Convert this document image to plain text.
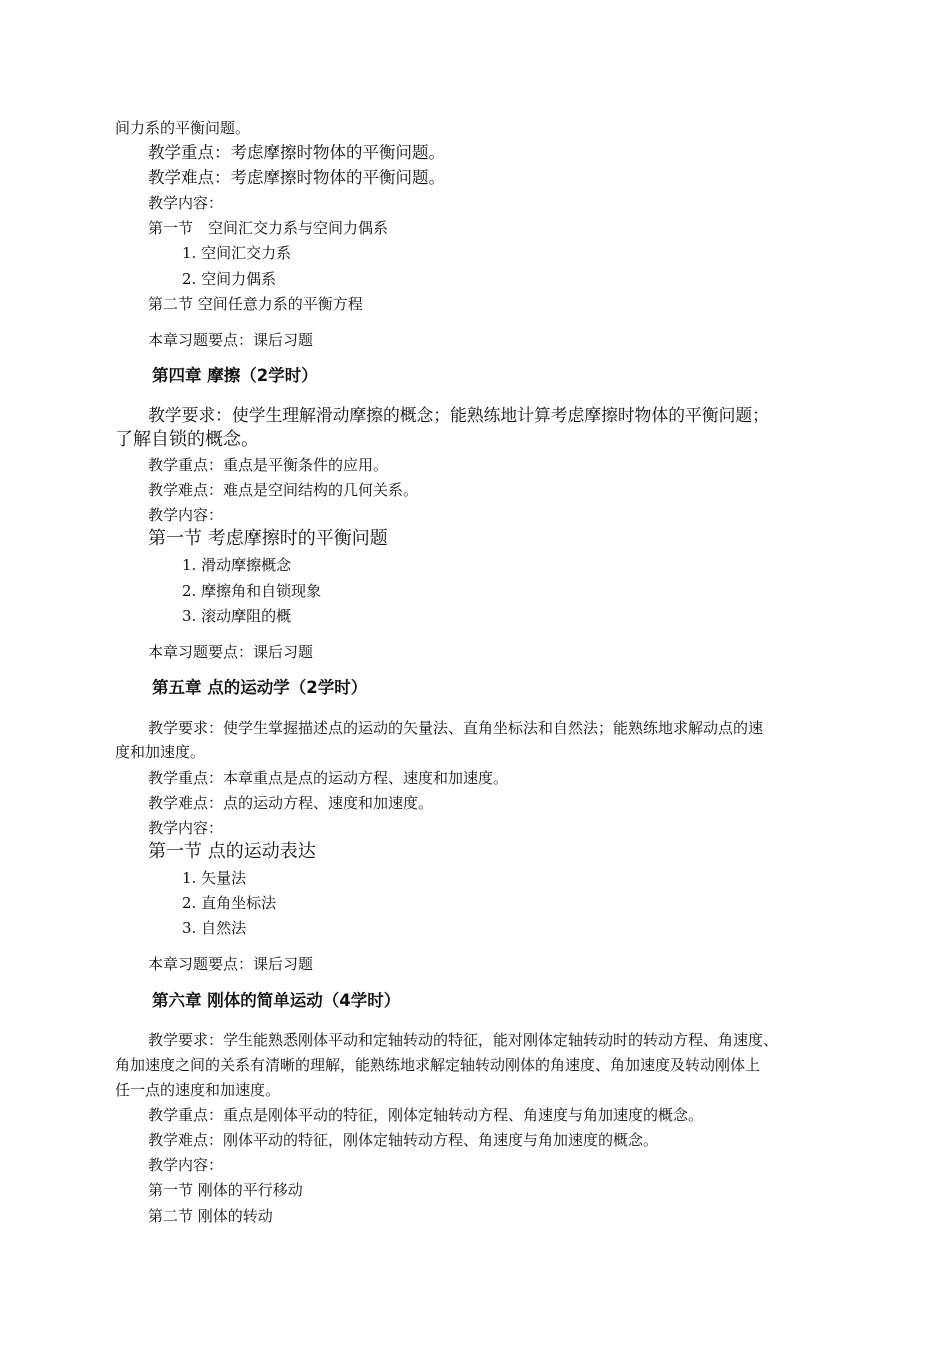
间力系的平衡问题。
教学重点：考虑摩擦时物体的平衡问题。
教学难点：考虑摩擦时物体的平衡问题。
教学内容：
第一节　空间汇交力系与空间力偶系
1. 空间汇交力系
2. 空间力偶系
第二节 空间任意力系的平衡方程
本章习题要点：课后习题
第四章 摩擦（2学时）
教学要求：使学生理解滑动摩擦的概念；能熟练地计算考虑摩擦时物体的平衡问题；
了解自锁的概念。
教学重点：重点是平衡条件的应用。
教学难点：难点是空间结构的几何关系。
教学内容：
第一节 考虑摩擦时的平衡问题
1. 滑动摩擦概念
2. 摩擦角和自锁现象
3. 滚动摩阻的概
本章习题要点：课后习题
第五章 点的运动学（2学时）
教学要求：使学生掌握描述点的运动的矢量法、直角坐标法和自然法；能熟练地求解动点的速
度和加速度。
教学重点：本章重点是点的运动方程、速度和加速度。
教学难点：点的运动方程、速度和加速度。
教学内容：
第一节 点的运动表达
1. 矢量法
2. 直角坐标法
3. 自然法
本章习题要点：课后习题
第六章 刚体的简单运动（4学时）
教学要求：学生能熟悉刚体平动和定轴转动的特征，能对刚体定轴转动时的转动方程、角速度、
角加速度之间的关系有清晰的理解，能熟练地求解定轴转动刚体的角速度、角加速度及转动刚体上
任一点的速度和加速度。
教学重点：重点是刚体平动的特征，刚体定轴转动方程、角速度与角加速度的概念。
教学难点：刚体平动的特征，刚体定轴转动方程、角速度与角加速度的概念。
教学内容：
第一节 刚体的平行移动
第二节 刚体的转动
